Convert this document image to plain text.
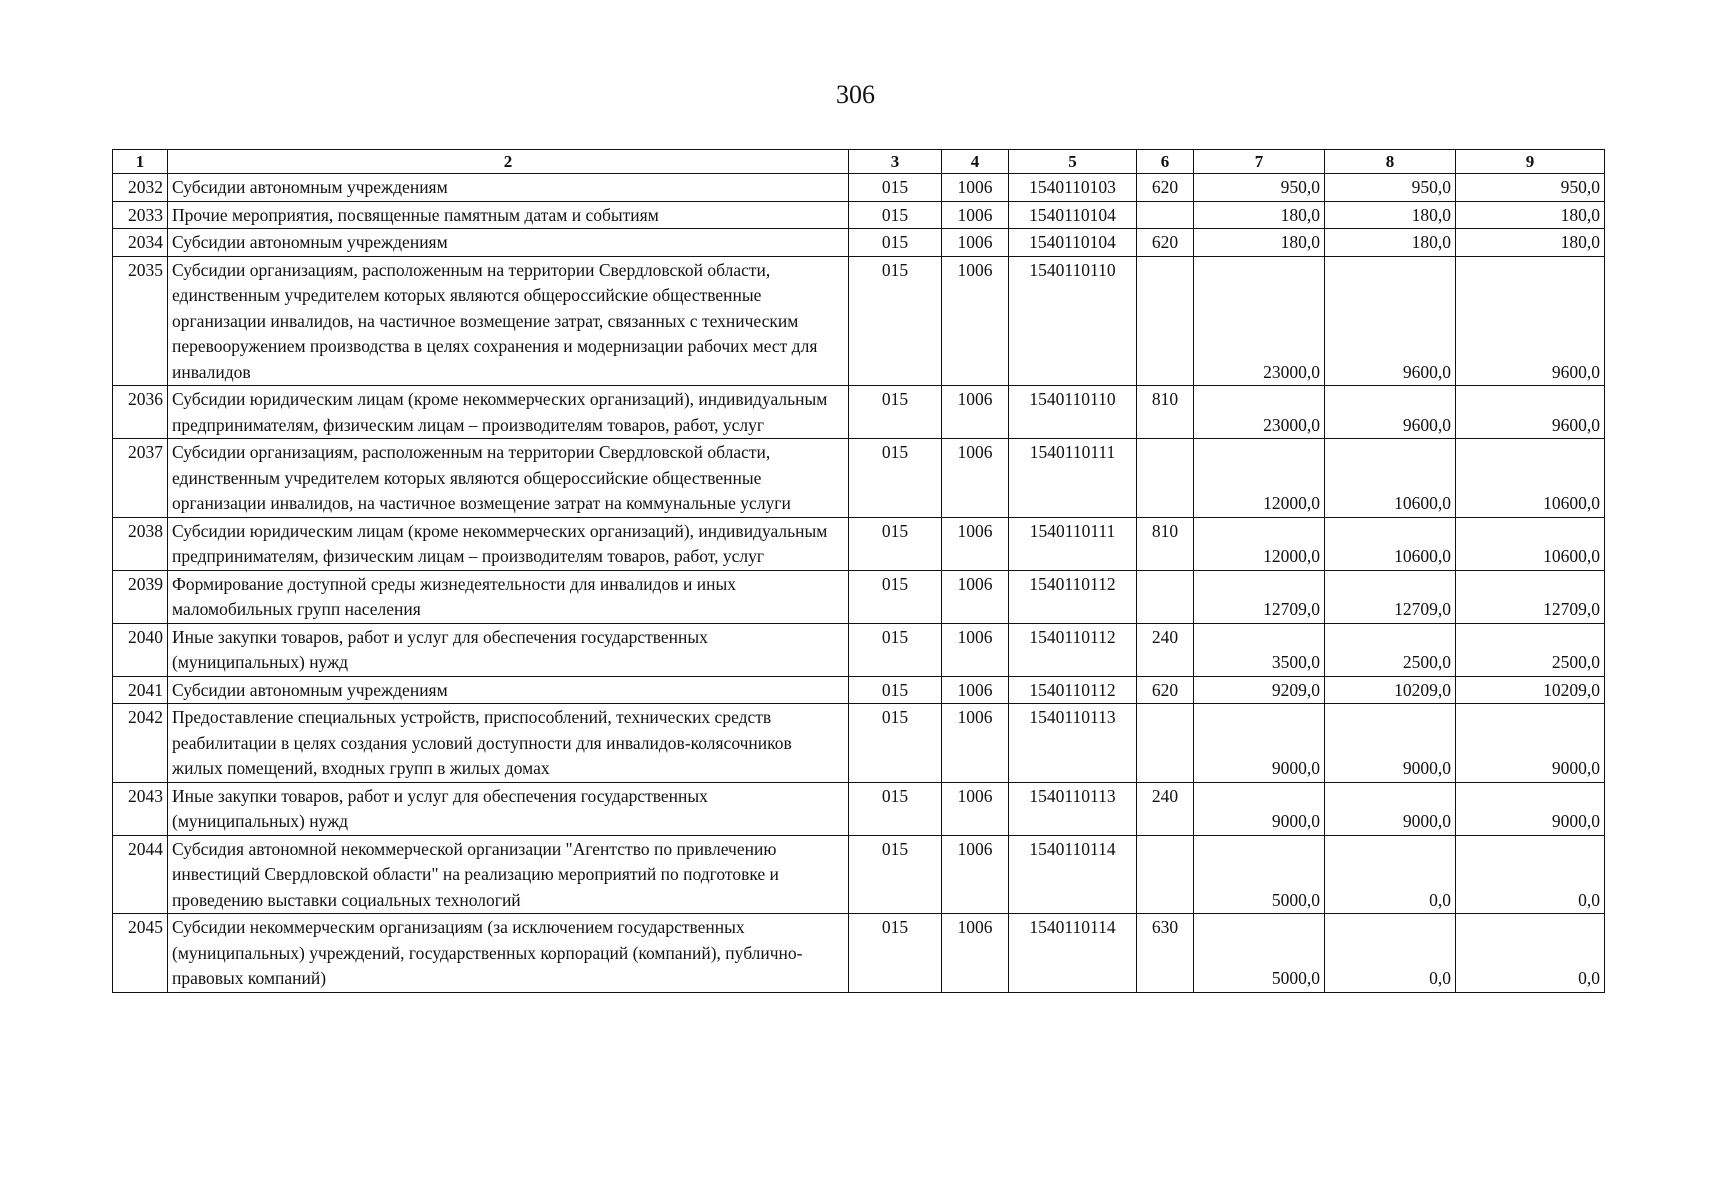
306
1	2	3	4	5	6	7	8	9
2032	Субсидии автономным учреждениям	015	1006	1540110103	620	950,0	950,0	950,0
2033	Прочие мероприятия, посвященные памятным датам и событиям	015	1006	1540110104		180,0	180,0	180,0
2034	Субсидии автономным учреждениям	015	1006	1540110104	620	180,0	180,0	180,0
2035	Субсидии организациям, расположенным на территории Свердловской области, единственным учредителем которых являются общероссийские общественные организации инвалидов, на частичное возмещение затрат, связанных с техническим перевооружением производства в целях сохранения и модернизации рабочих мест для инвалидов	015	1006	1540110110		23000,0	9600,0	9600,0
2036	Субсидии юридическим лицам (кроме некоммерческих организаций), индивидуальным предпринимателям, физическим лицам – производителям товаров, работ, услуг	015	1006	1540110110	810	23000,0	9600,0	9600,0
2037	Субсидии организациям, расположенным на территории Свердловской области, единственным учредителем которых являются общероссийские общественные организации инвалидов, на частичное возмещение затрат на коммунальные услуги	015	1006	1540110111		12000,0	10600,0	10600,0
2038	Субсидии юридическим лицам (кроме некоммерческих организаций), индивидуальным предпринимателям, физическим лицам – производителям товаров, работ, услуг	015	1006	1540110111	810	12000,0	10600,0	10600,0
2039	Формирование доступной среды жизнедеятельности для инвалидов и иных маломобильных групп населения	015	1006	1540110112		12709,0	12709,0	12709,0
2040	Иные закупки товаров, работ и услуг для обеспечения государственных (муниципальных) нужд	015	1006	1540110112	240	3500,0	2500,0	2500,0
2041	Субсидии автономным учреждениям	015	1006	1540110112	620	9209,0	10209,0	10209,0
2042	Предоставление специальных устройств, приспособлений, технических средств реабилитации в целях создания условий доступности для инвалидов-колясочников жилых помещений, входных групп в жилых домах	015	1006	1540110113		9000,0	9000,0	9000,0
2043	Иные закупки товаров, работ и услуг для обеспечения государственных (муниципальных) нужд	015	1006	1540110113	240	9000,0	9000,0	9000,0
2044	Субсидия автономной некоммерческой организации "Агентство по привлечению инвестиций Свердловской области" на реализацию мероприятий по подготовке и проведению выставки социальных технологий	015	1006	1540110114		5000,0	0,0	0,0
2045	Субсидии некоммерческим организациям (за исключением государственных (муниципальных) учреждений, государственных корпораций (компаний), публично-правовых компаний)	015	1006	1540110114	630	5000,0	0,0	0,0
